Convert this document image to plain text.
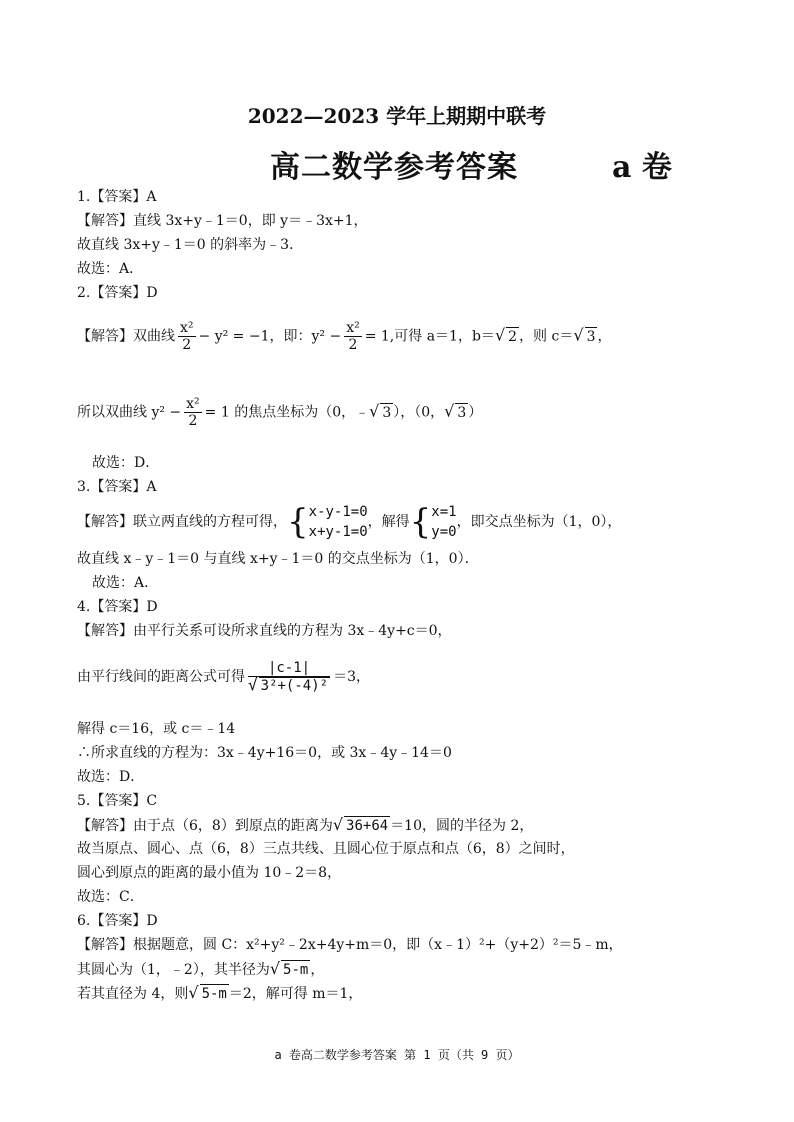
2022—2023 学年上期期中联考
高二数学参考答案	a 卷
1.【答案】A
【解答】直线 3x+y﹣1＝0，即 y＝﹣3x+1，
故直线 3x+y﹣1＝0 的斜率为﹣3．
故选：A．
2.【答案】D
【解答】双曲线 $\frac{\text{x²}}{2} - y^2 = -1$，即：$y^2 - \frac{\text{x²}}{2} = 1$,可得 a＝1，b＝√ 2 ，则 c＝√ 3 ，
所以双曲线 $y^2 - \frac{\text{x²}}{2} = 1$ 的焦点坐标为（0，﹣√ 3 ），（0，√ 3 ）
故选：D．
3.【答案】A
【解答】联立两直线的方程可得，{ x-y-1=0
x+y-1=0
，解得{ x=1
y=0
，即交点坐标为（1，0），
故直线 x﹣y﹣1＝0 与直线 x+y﹣1＝0 的交点坐标为（1，0）．
故选：A．
4.【答案】D
【解答】由平行关系可设所求直线的方程为 3x﹣4y+c＝0，
由平行线间的距离公式可得 $\frac{|c-1|}{\text{√ 3²+(-4)²}} =3$，
解得 c＝16，或 c＝﹣14
∴所求直线的方程为：3x﹣4y+16＝0，或 3x﹣4y﹣14＝0
故选：D．
5.【答案】C
【解答】由于点（6，8）到原点的距离为√ 36+64 ＝10，圆的半径为 2，
故当原点、圆心、点（6，8）三点共线、且圆心位于原点和点（6，8）之间时，
圆心到原点的距离的最小值为 10﹣2＝8，
故选：C．
6.【答案】D
【解答】根据题意，圆 C：x²+y²﹣2x+4y+m＝0，即（x﹣1）²+（y+2）²＝5﹣m，
其圆心为（1，﹣2），其半径为√ 5-m ，
若其直径为 4，则√ 5-m ＝2，解可得 m＝1，
a 卷高二数学参考答案 第 1 页（共 9 页）
